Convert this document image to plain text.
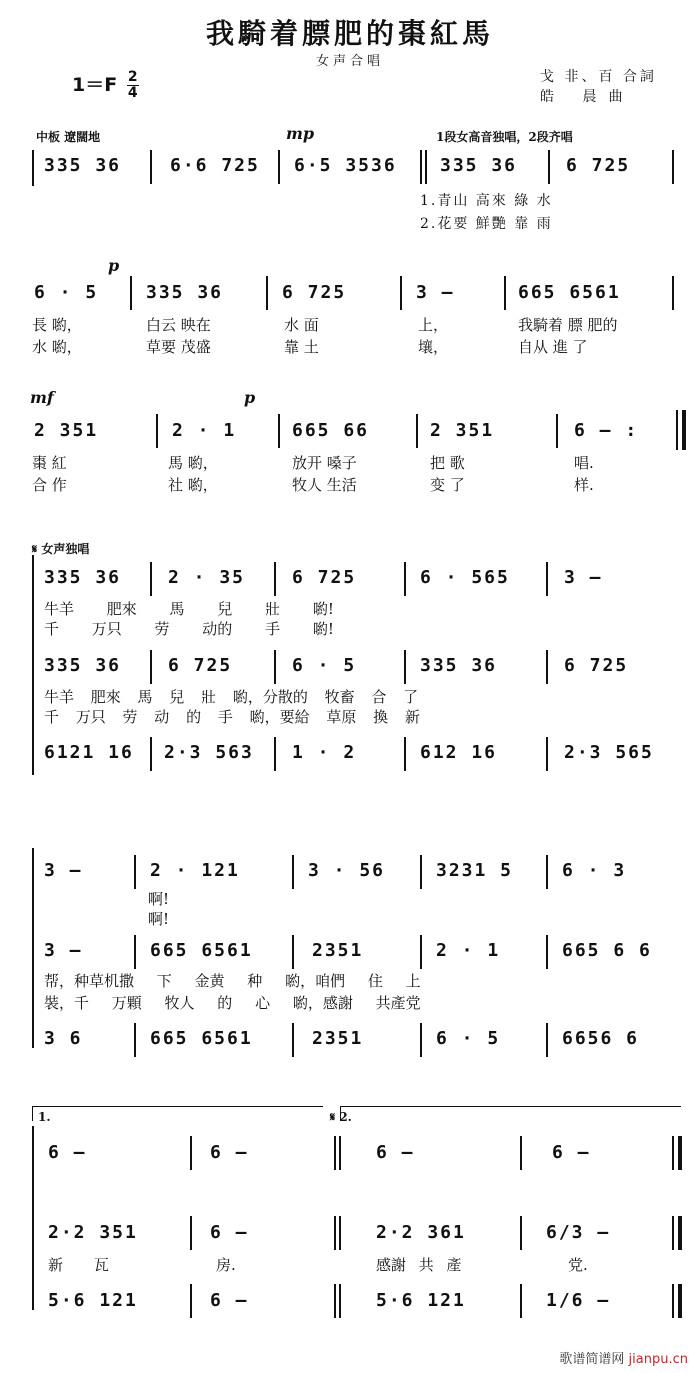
我騎着膘肥的棗紅馬
女声合唱
$1=F \frac{2}{4}$	戈 非、百 合詞
皓 晨曲
中板 遼闊地	mp	1段女高音独唱，2段齐唱
335 36	6·6 725 6·5 3536 335 36	6 725
1.青山 高來 綠 水
2.花要 鮮艷 靠 雨
p
6 · 5	335 36	6 725	3 —	665 6561
長 喲，	白云 映在	水 面	上，	我騎着 膘 肥的
水 喲，	草要 茂盛	靠 土	壤，	自从 進 了
mf	p
2 351	2 · 1	665 66	2 351	6 — :
棗 紅	馬 喲，	放开 嗓子	把 歌	唱.
合 作	社 喲，	牧人 生活	变 了	样.
𝄋 女声独唱
335 36	2 · 35	6 725	6 · 565	3 —
牛羊 肥來 馬 兒 壯 喲!
千 万只 劳 动的 手 喲!
335 36	6 725	6 · 5	335 36	6 725
牛羊 肥來 馬 兒 壯 喲，分散的 牧畜 合 了
千 万只 劳 动 的 手 喲，要給 草原 換 新
6121 16 2·3 563 1 · 2	612 16	2·3 565
3 —	2 · 121	3 · 56	3231 5	6 · 3
啊!
啊!
3 —	665 6561	2351	2 · 1	665 6 6
帮，种草机撒 下 金黄 种 喲，咱們 住 上
裝，千 万顆 牧人 的 心 喲，感謝 共產党
3 6	665 6561	2351	6 · 5	6656 6
1.	𝄋 2.
6 —	6 —	6 —	6 —
2·2 351	6 —	2·2 361	6/3 —
新 瓦	房.	感謝 共 產	党.
5·6 121	6 —	5·6 121	1/6 —
歌谱简谱网 jianpu.cn
